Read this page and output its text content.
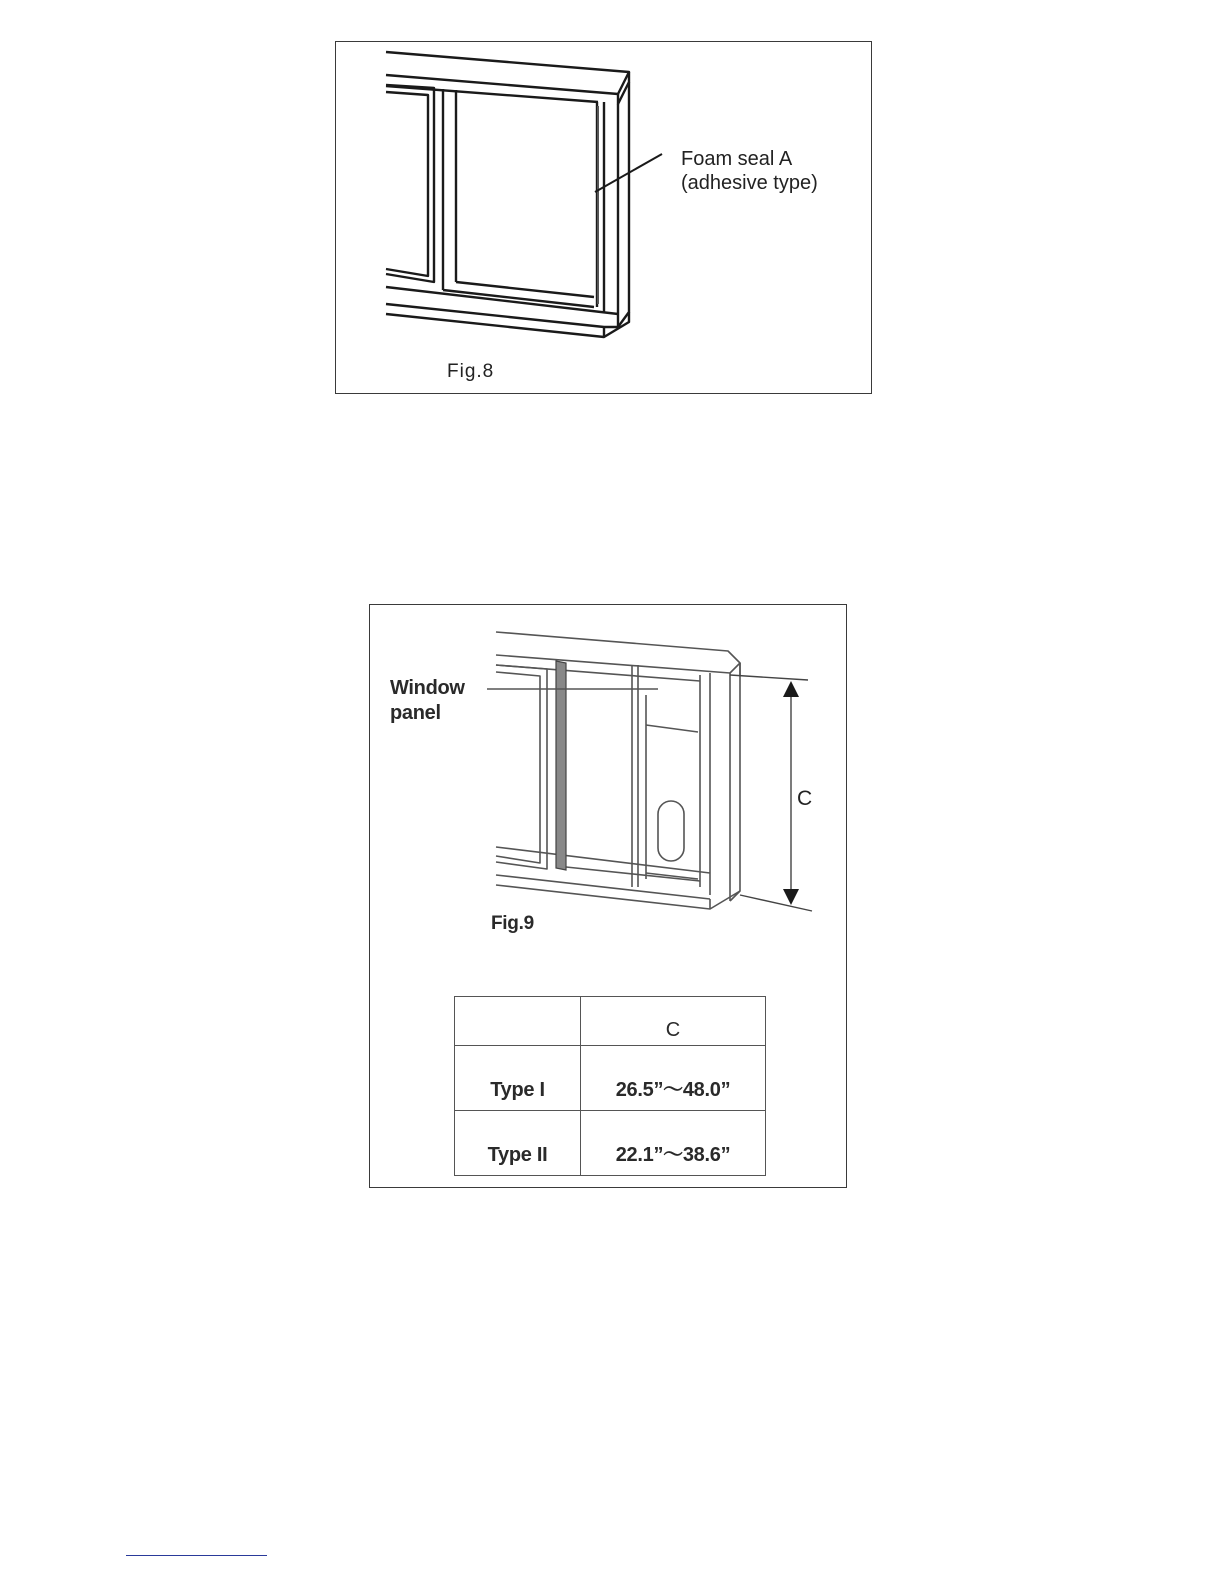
Foam seal A
(adhesive type)
Fig.8
Window
panel
C
Fig.9
	C
Type I	26.5”〜48.0”
Type II	22.1”〜38.6”
